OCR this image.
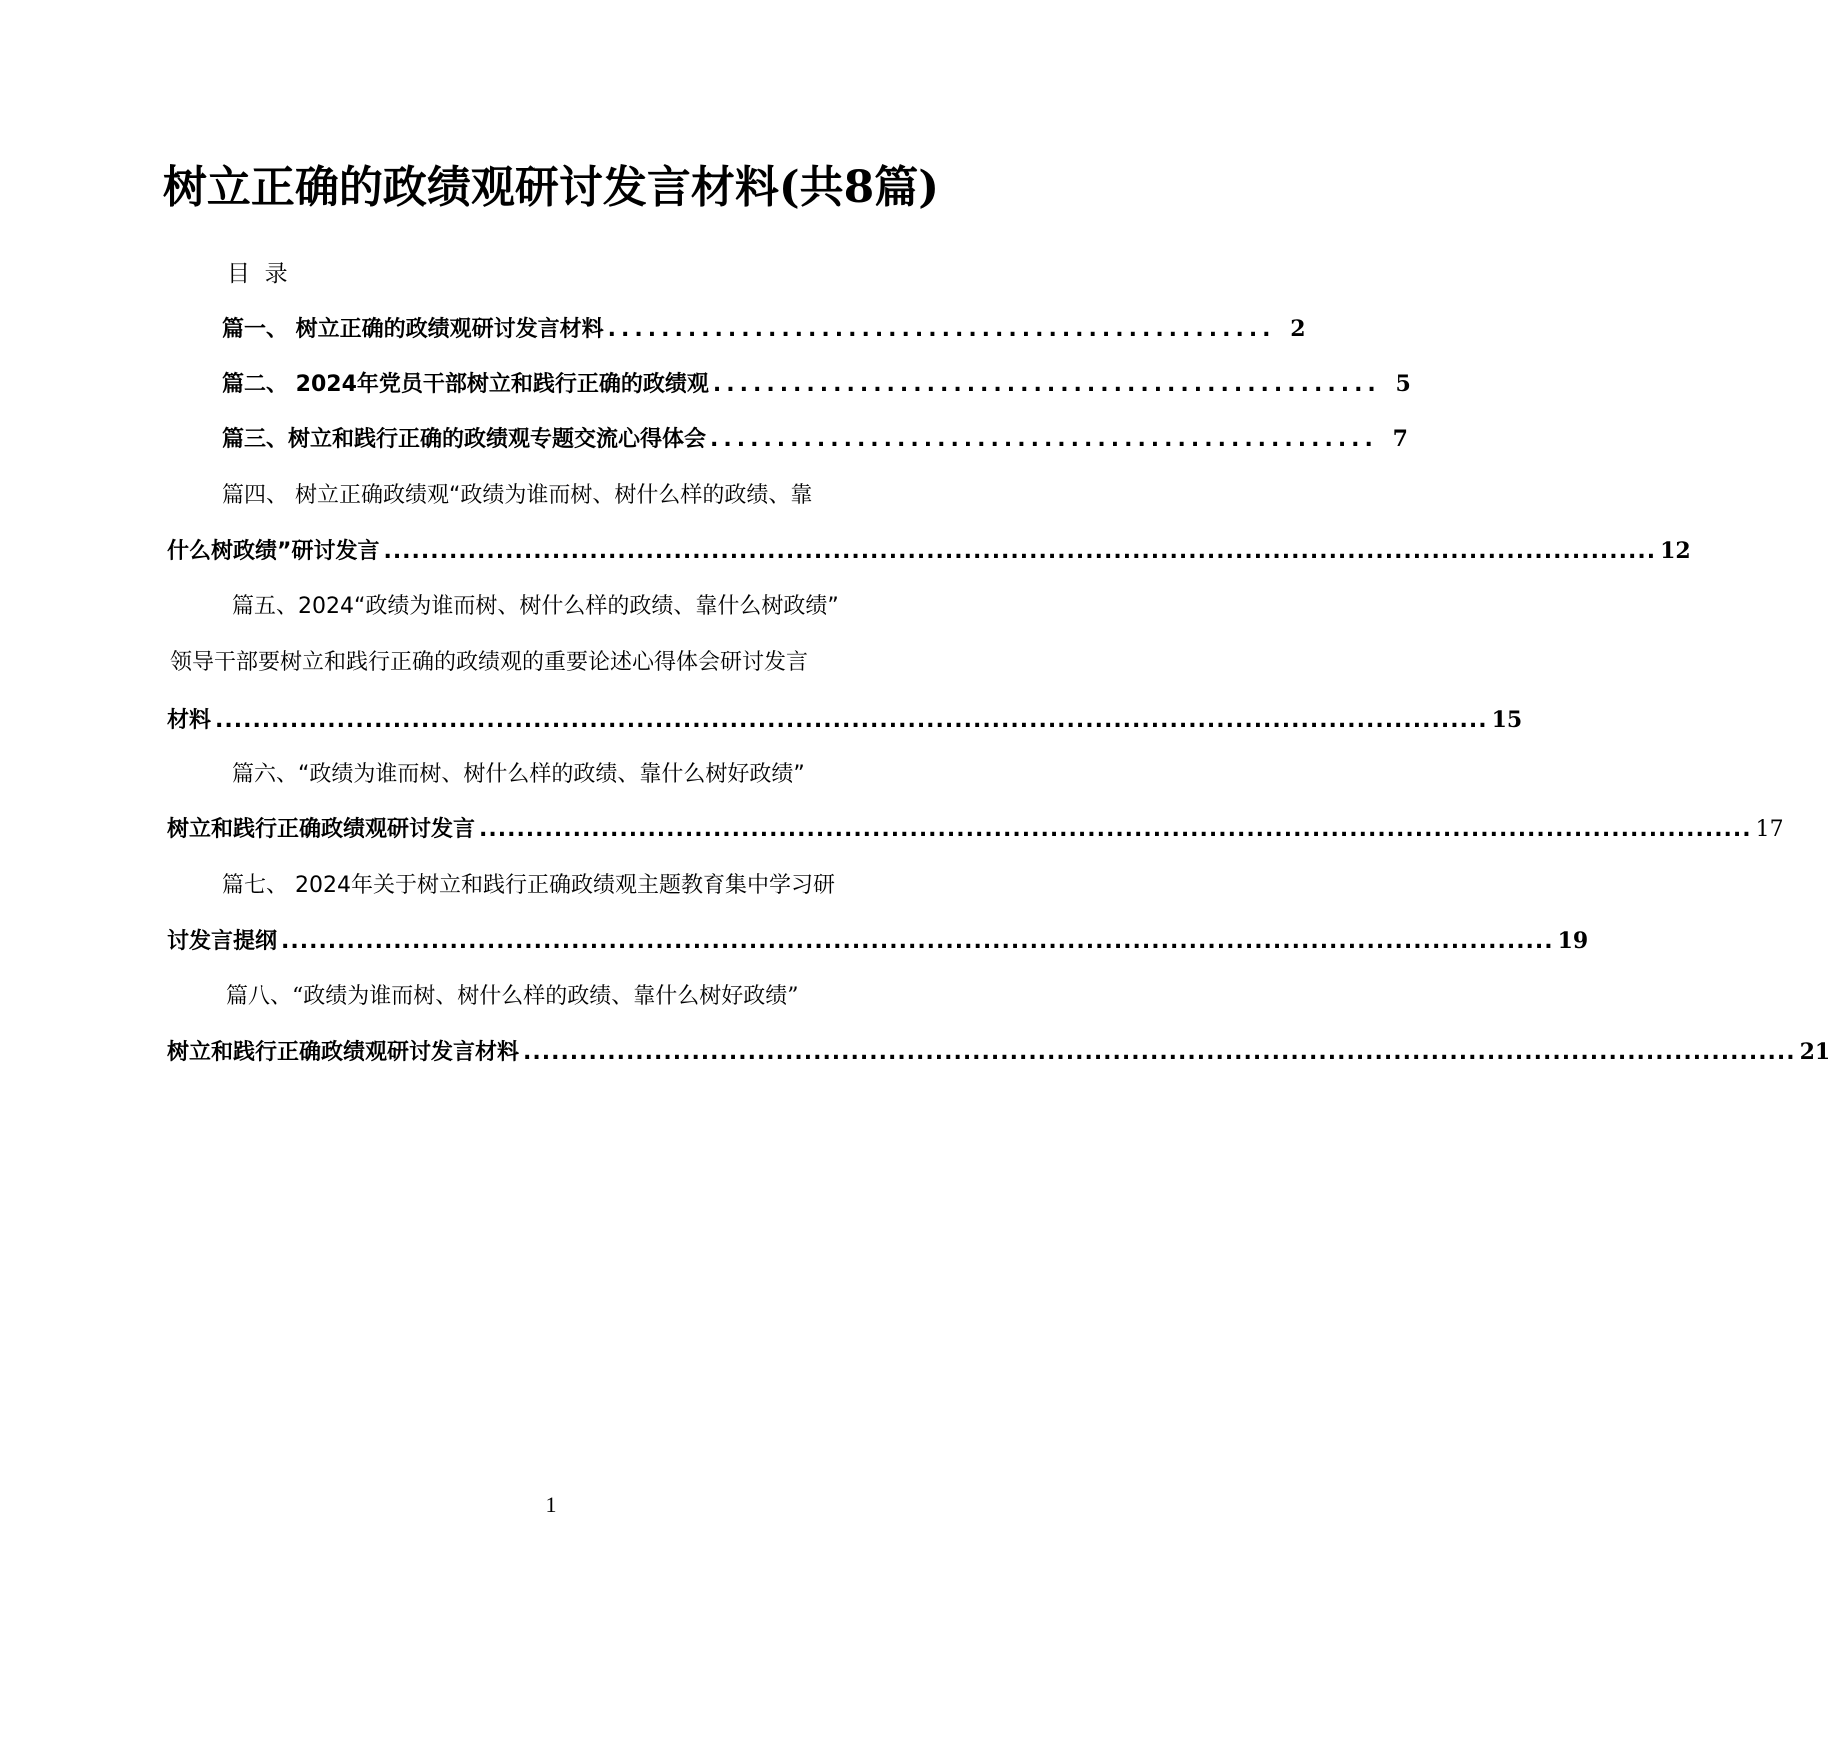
树立正确的政绩观研讨发言材料(共8篇)
目  录
篇一、 树立正确的政绩观研讨发言材料 .................................................. 2
篇二、 2024年党员干部树立和践行正确的政绩观 .................................................. 5
篇三、树立和践行正确的政绩观专题交流心得体会 .................................................. 7
篇四、 树立正确政绩观“政绩为谁而树、树什么样的政绩、靠
什么树政绩”研讨发言 ........................................................................................................................................ 12
篇五、2024“政绩为谁而树、树什么样的政绩、靠什么树政绩”
领导干部要树立和践行正确的政绩观的重要论述心得体会研讨发言
材料 ........................................................................................................................................ 15
篇六、“政绩为谁而树、树什么样的政绩、靠什么树好政绩”
树立和践行正确政绩观研讨发言 ........................................................................................................................................ 17
篇七、 2024年关于树立和践行正确政绩观主题教育集中学习研
讨发言提纲 ........................................................................................................................................ 19
篇八、“政绩为谁而树、树什么样的政绩、靠什么树好政绩”
树立和践行正确政绩观研讨发言材料 ........................................................................................................................................ 21
1
